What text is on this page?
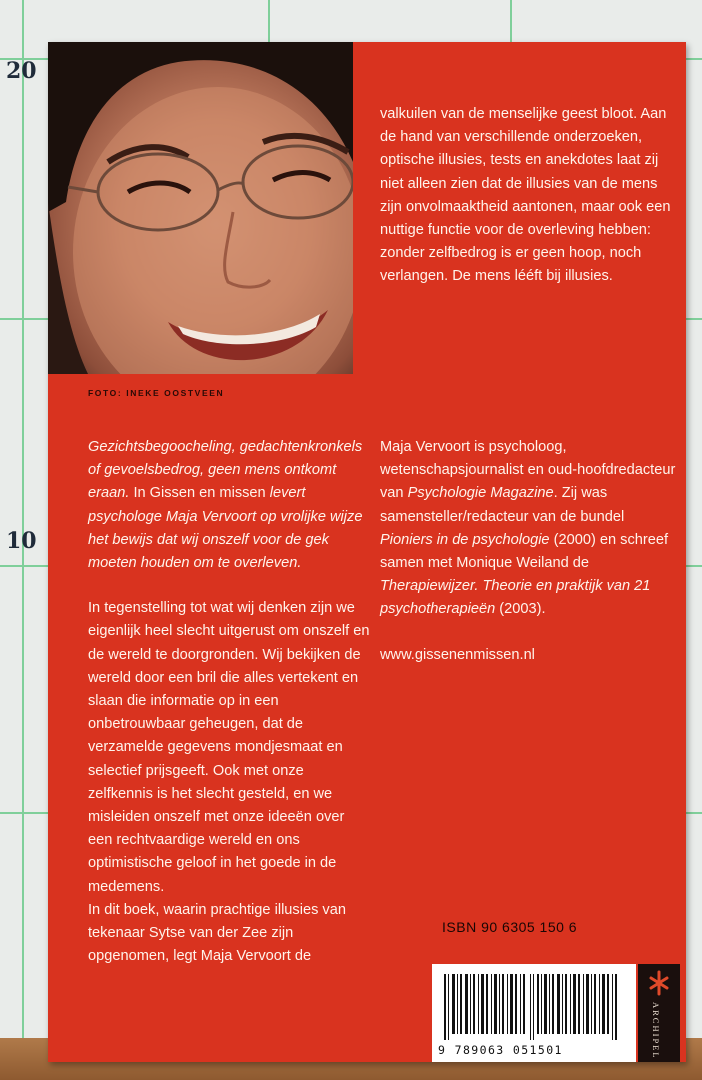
20
10
FOTO: INEKE OOSTVEEN

valkuilen van de menselijke geest bloot. Aan de hand van verschillende onderzoeken, optische illusies, tests en anekdotes laat zij niet alleen zien dat de illusies van de mens zijn onvolmaaktheid aantonen, maar ook een nuttige functie voor de overleving hebben: zonder zelfbedrog is er geen hoop, noch verlangen. De mens lééft bij illusies.

Gezichtsbegoocheling, gedachtenkronkels of gevoelsbedrog, geen mens ontkomt eraan. In Gissen en missen levert psychologe Maja Vervoort op vrolijke wijze het bewijs dat wij onszelf voor de gek moeten houden om te overleven.

In tegenstelling tot wat wij denken zijn we eigenlijk heel slecht uitgerust om onszelf en de wereld te doorgronden. Wij bekijken de wereld door een bril die alles vertekent en slaan die informatie op in een onbetrouwbaar geheugen, dat de verzamelde gegevens mondjesmaat en selectief prijsgeeft. Ook met onze zelfkennis is het slecht gesteld, en we misleiden onszelf met onze ideeën over een rechtvaardige wereld en ons optimistische geloof in het goede in de medemens.

In dit boek, waarin prachtige illusies van tekenaar Sytse van der Zee zijn opgenomen, legt Maja Vervoort de

Maja Vervoort is psycholoog, wetenschapsjournalist en oud-hoofdredacteur van Psychologie Magazine. Zij was samensteller/redacteur van de bundel Pioniers in de psychologie (2000) en schreef samen met Monique Weiland de Therapiewijzer. Theorie en praktijk van 21 psychotherapieën (2003).

www.gissenenmissen.nl

ISBN 90 6305 150 6
9 789063 051501	ARCHIPEL
